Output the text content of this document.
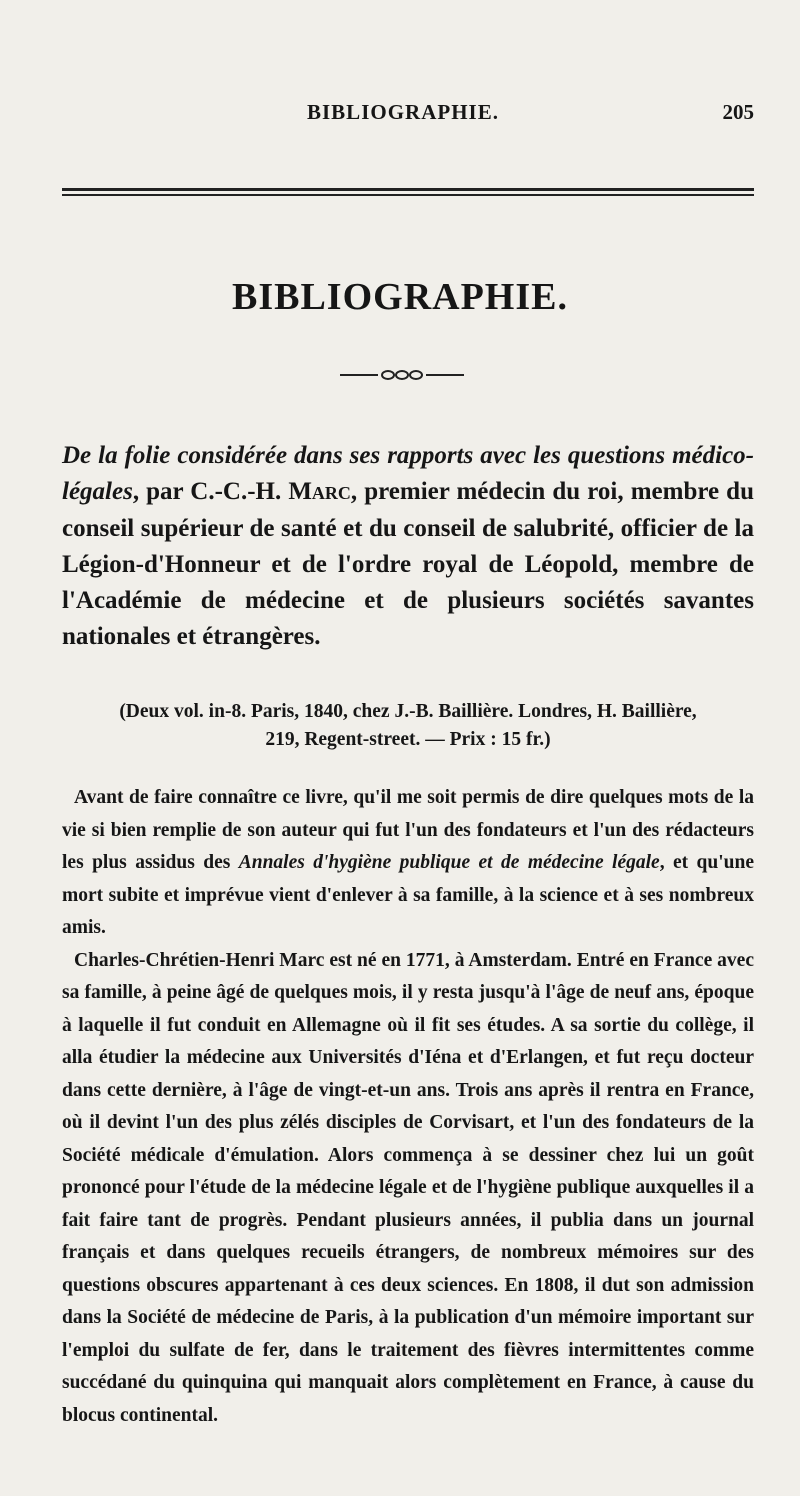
BIBLIOGRAPHIE.	205
BIBLIOGRAPHIE.
De la folie considérée dans ses rapports avec les questions médico-légales, par C.-C.-H. Marc, premier médecin du roi, membre du conseil supérieur de santé et du conseil de salubrité, officier de la Légion-d'Honneur et de l'ordre royal de Léopold, membre de l'Académie de médecine et de plusieurs sociétés savantes nationales et étrangères.
(Deux vol. in-8. Paris, 1840, chez J.-B. Baillière. Londres, H. Baillière,
219, Regent-street. — Prix : 15 fr.)

Avant de faire connaître ce livre, qu'il me soit permis de dire quelques mots de la vie si bien remplie de son auteur qui fut l'un des fondateurs et l'un des rédacteurs les plus assidus des Annales d'hygiène publique et de médecine légale, et qu'une mort subite et imprévue vient d'enlever à sa famille, à la science et à ses nombreux amis.

Charles-Chrétien-Henri Marc est né en 1771, à Amsterdam. Entré en France avec sa famille, à peine âgé de quelques mois, il y resta jusqu'à l'âge de neuf ans, époque à laquelle il fut conduit en Allemagne où il fit ses études. A sa sortie du collège, il alla étudier la médecine aux Universités d'Iéna et d'Erlangen, et fut reçu docteur dans cette dernière, à l'âge de vingt-et-un ans. Trois ans après il rentra en France, où il devint l'un des plus zélés disciples de Corvisart, et l'un des fondateurs de la Société médicale d'émulation. Alors commença à se dessiner chez lui un goût prononcé pour l'étude de la médecine légale et de l'hygiène publique auxquelles il a fait faire tant de progrès. Pendant plusieurs années, il publia dans un journal français et dans quelques recueils étrangers, de nombreux mémoires sur des questions obscures appartenant à ces deux sciences. En 1808, il dut son admission dans la Société de médecine de Paris, à la publication d'un mémoire important sur l'emploi du sulfate de fer, dans le traitement des fièvres intermittentes comme succédané du quinquina qui manquait alors complètement en France, à cause du blocus continental.
